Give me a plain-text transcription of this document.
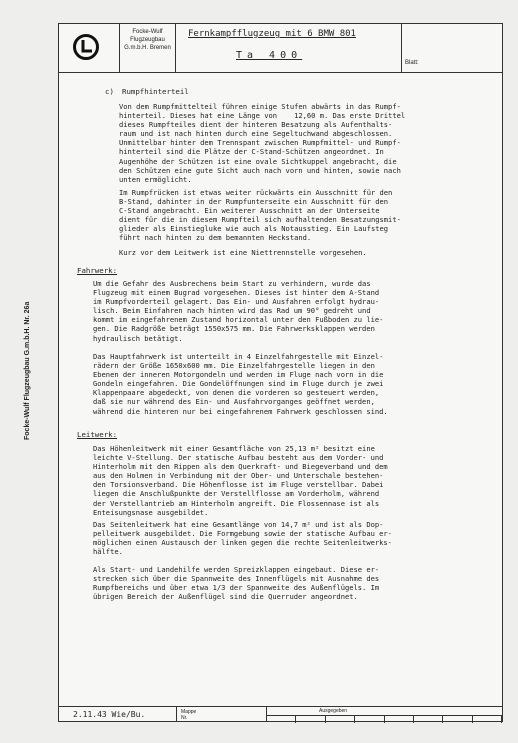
Focke-Wulf Flugzeugbau G.m.b.H. Nr. 26a
Focke-Wulf Flugzeugbau G.m.b.H. Bremen
Fernkampfflugzeug mit 6 BMW 801
Ta 400
Blatt:
c) Rumpfhinterteil
Von dem Rumpfmittelteil führen einige Stufen abwärts in das Rumpf-
hinterteil. Dieses hat eine Länge von    12,60 m. Das erste Drittel
dieses Rumpfteiles dient der hinteren Besatzung als Aufenthalts-
raum und ist nach hinten durch eine Segeltuchwand abgeschlossen.
Unmittelbar hinter dem Trennspant zwischen Rumpfmittel- und Rumpf-
hinterteil sind die Plätze der C-Stand-Schützen angeordnet. In
Augenhöhe der Schützen ist eine ovale Sichtkuppel angebracht, die
den Schützen eine gute Sicht auch nach vorn und hinten, sowie nach
unten ermöglicht.
Im Rumpfrücken ist etwas weiter rückwärts ein Ausschnitt für den
B-Stand, dahinter in der Rumpfunterseite ein Ausschnitt für den
C-Stand angebracht. Ein weiterer Ausschnitt an der Unterseite
dient für die in diesem Rumpfteil sich aufhaltenden Besatzungsmit-
glieder als Einstiegluke wie auch als Notausstieg. Ein Laufsteg
führt nach hinten zu dem bemannten Heckstand.
Kurz vor dem Leitwerk ist eine Niettrennstelle vorgesehen.
Fahrwerk:
Um die Gefahr des Ausbrechens beim Start zu verhindern, wurde das
Flugzeug mit einem Bugrad vorgesehen. Dieses ist hinter dem A-Stand
im Rumpfvorderteil gelagert. Das Ein- und Ausfahren erfolgt hydrau-
lisch. Beim Einfahren nach hinten wird das Rad um 90° gedreht und
kommt im eingefahrenem Zustand horizontal unter den Fußboden zu lie-
gen. Die Radgröße beträgt 1550x575 mm. Die Fahrwerksklappen werden
hydraulisch betätigt.
Das Hauptfahrwerk ist unterteilt in 4 Einzelfahrgestelle mit Einzel-
rädern der Größe 1650x600 mm. Die Einzelfahrgestelle liegen in den
Ebenen der inneren Motorgondeln und werden im Fluge nach vorn in die
Gondeln eingefahren. Die Gondelöffnungen sind im Fluge durch je zwei
Klappenpaare abgedeckt, von denen die vorderen so gesteuert werden,
daß sie nur während des Ein- und Ausfahrvorganges geöffnet werden,
während die hinteren nur bei eingefahrenem Fahrwerk geschlossen sind.
Leitwerk:
Das Höhenleitwerk mit einer Gesamtfläche von 25,13 m² besitzt eine
leichte V-Stellung. Der statische Aufbau besteht aus dem Vorder- und
Hinterholm mit den Rippen als dem Querkraft- und Biegeverband und dem
aus den Holmen in Verbindung mit der Ober- und Unterschale bestehen-
den Torsionsverband. Die Höhenflosse ist im Fluge verstellbar. Dabei
liegen die Anschlußpunkte der Verstellflosse am Vorderholm, während
der Verstellantrieb am Hinterholm angreift. Die Flossennase ist als
Enteisungsnase ausgebildet.
Das Seitenleitwerk hat eine Gesamtlänge von 14,7 m² und ist als Dop-
pelleitwerk ausgebildet. Die Formgebung sowie der statische Aufbau er-
möglichen einen Austausch der linken gegen die rechte Seitenleitwerks-
hälfte.
Als Start- und Landehilfe werden Spreizklappen eingebaut. Diese er-
strecken sich über die Spannweite des Innenflügels mit Ausnahme des
Rumpfbereichs und über etwa 1/3 der Spannweite des Außenflügels. Im
übrigen Bereich der Außenflügel sind die Querruder angeordnet.
2.11.43 Wie/Bu.	Mappe
Nr.
Ausgegeben
